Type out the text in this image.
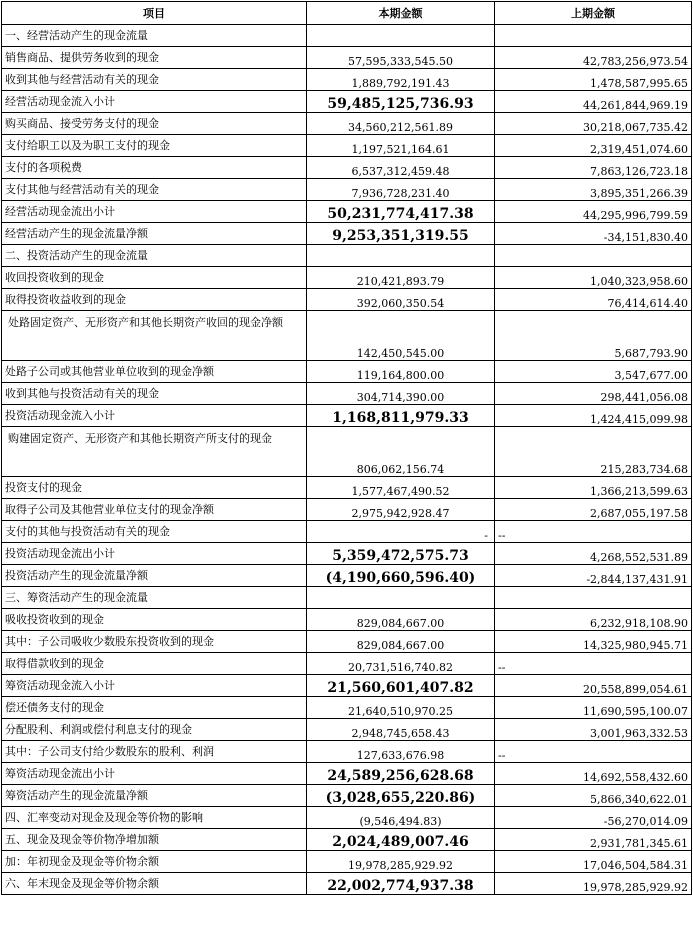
项目	本期金额	上期金额
一、经营活动产生的现金流量		
销售商品、提供劳务收到的现金	57,595,333,545.50	42,783,256,973.54
收到其他与经营活动有关的现金	1,889,792,191.43	1,478,587,995.65
经营活动现金流入小计	59,485,125,736.93	44,261,844,969.19
购买商品、接受劳务支付的现金	34,560,212,561.89	30,218,067,735.42
支付给职工以及为职工支付的现金	1,197,521,164.61	2,319,451,074.60
支付的各项税费	6,537,312,459.48	7,863,126,723.18
支付其他与经营活动有关的现金	7,936,728,231.40	3,895,351,266.39
经营活动现金流出小计	50,231,774,417.38	44,295,996,799.59
经营活动产生的现金流量净额	9,253,351,319.55	-34,151,830.40
二、投资活动产生的现金流量		
收回投资收到的现金	210,421,893.79	1,040,323,958.60
取得投资收益收到的现金	392,060,350.54	76,414,614.40
处路固定资产、无形资产和其他长期资产收回的现金净额	142,450,545.00	5,687,793.90
处路子公司或其他营业单位收到的现金净额	119,164,800.00	3,547,677.00
收到其他与投资活动有关的现金	304,714,390.00	298,441,056.08
投资活动现金流入小计	1,168,811,979.33	1,424,415,099.98
购建固定资产、无形资产和其他长期资产所支付的现金	806,062,156.74	215,283,734.68
投资支付的现金	1,577,467,490.52	1,366,213,599.63
取得子公司及其他营业单位支付的现金净额	2,975,942,928.47	2,687,055,197.58
支付的其他与投资活动有关的现金	-	--
投资活动现金流出小计	5,359,472,575.73	4,268,552,531.89
投资活动产生的现金流量净额	(4,190,660,596.40)	-2,844,137,431.91
三、筹资活动产生的现金流量		
吸收投资收到的现金	829,084,667.00	6,232,918,108.90
其中：子公司吸收少数股东投资收到的现金	829,084,667.00	14,325,980,945.71
取得借款收到的现金	20,731,516,740.82	--
筹资活动现金流入小计	21,560,601,407.82	20,558,899,054.61
偿还债务支付的现金	21,640,510,970.25	11,690,595,100.07
分配股利、利润或偿付利息支付的现金	2,948,745,658.43	3,001,963,332.53
其中：子公司支付给少数股东的股利、利润	127,633,676.98	--
筹资活动现金流出小计	24,589,256,628.68	14,692,558,432.60
筹资活动产生的现金流量净额	(3,028,655,220.86)	5,866,340,622.01
四、汇率变动对现金及现金等价物的影响	(9,546,494.83)	-56,270,014.09
五、现金及现金等价物净增加额	2,024,489,007.46	2,931,781,345.61
加：年初现金及现金等价物余额	19,978,285,929.92	17,046,504,584.31
六、年末现金及现金等价物余额	22,002,774,937.38	19,978,285,929.92
